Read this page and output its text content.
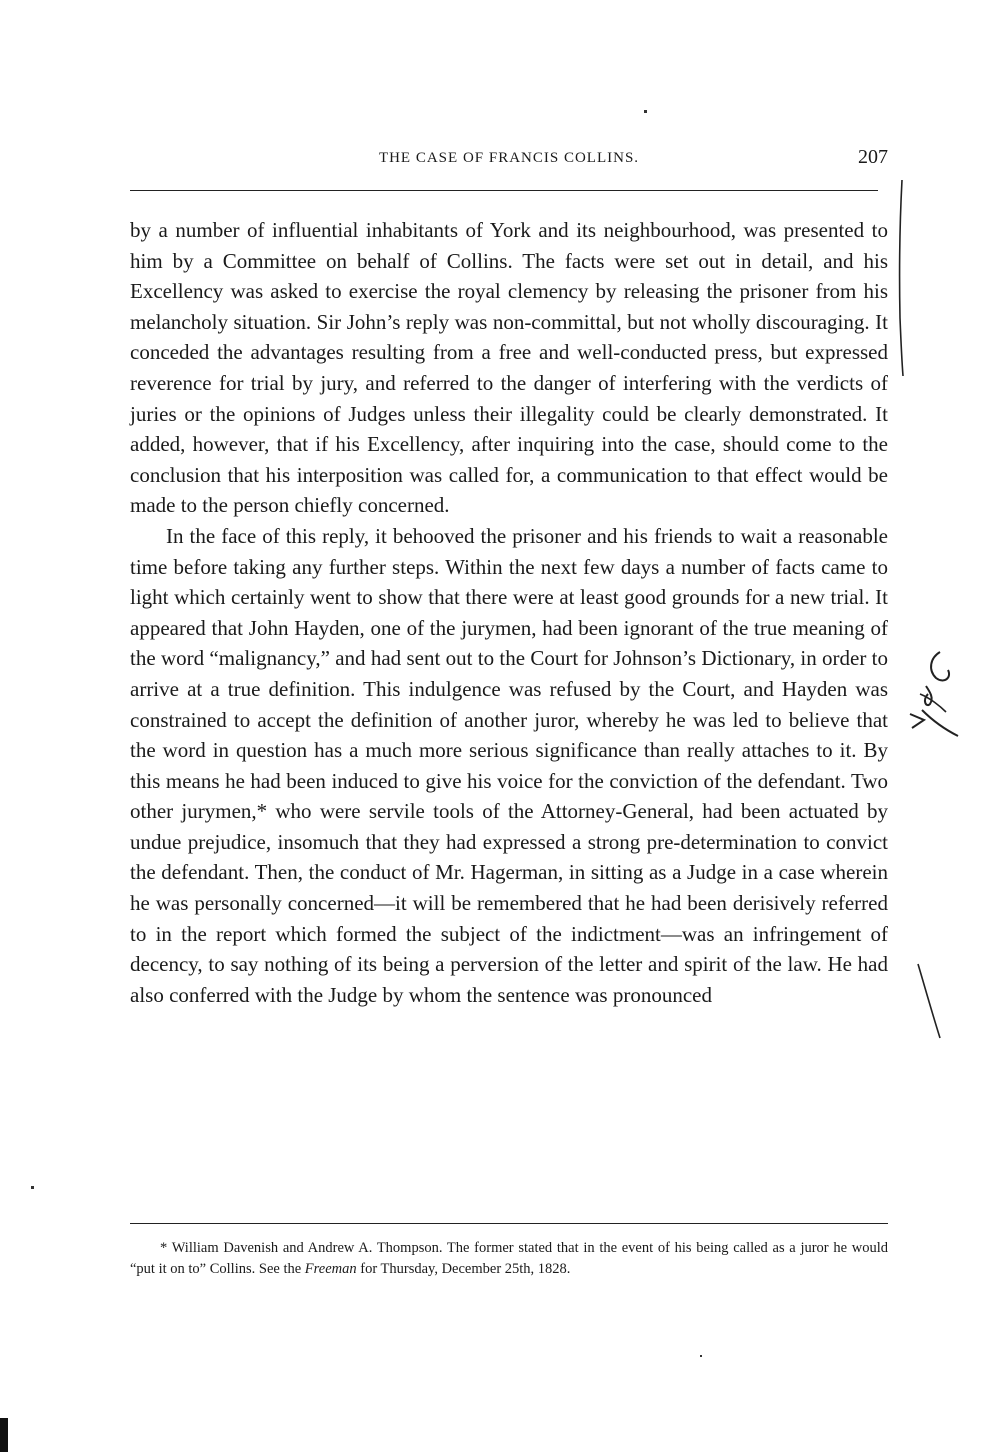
THE CASE OF FRANCIS COLLINS.	207

by a number of influential inhabitants of York and its neighbourhood, was presented to him by a Committee on behalf of Collins. The facts were set out in detail, and his Excellency was asked to exercise the royal clemency by releasing the prisoner from his melancholy situation. Sir John’s reply was non-committal, but not wholly discouraging. It conceded the advantages resulting from a free and well-conducted press, but expressed reverence for trial by jury, and referred to the danger of interfering with the verdicts of juries or the opinions of Judges unless their illegality could be clearly demonstrated. It added, however, that if his Excellency, after inquiring into the case, should come to the conclusion that his interposition was called for, a communication to that effect would be made to the person chiefly concerned.

In the face of this reply, it behooved the prisoner and his friends to wait a reasonable time before taking any further steps. Within the next few days a number of facts came to light which certainly went to show that there were at least good grounds for a new trial. It appeared that John Hayden, one of the jurymen, had been ignorant of the true meaning of the word “malignancy,” and had sent out to the Court for Johnson’s Dictionary, in order to arrive at a true definition. This indulgence was refused by the Court, and Hayden was constrained to accept the definition of another juror, whereby he was led to believe that the word in question has a much more serious significance than really attaches to it. By this means he had been induced to give his voice for the conviction of the defendant. Two other jurymen,* who were servile tools of the Attorney-General, had been actuated by undue prejudice, insomuch that they had expressed a strong pre-determination to convict the defendant. Then, the conduct of Mr. Hagerman, in sitting as a Judge in a case wherein he was personally concerned—it will be remembered that he had been derisively referred to in the report which formed the subject of the indictment—was an infringement of decency, to say nothing of its being a perversion of the letter and spirit of the law. He had also conferred with the Judge by whom the sentence was pronounced

* William Davenish and Andrew A. Thompson. The former stated that in the event of his being called as a juror he would “put it on to” Collins. See the Freeman for Thursday, December 25th, 1828.
